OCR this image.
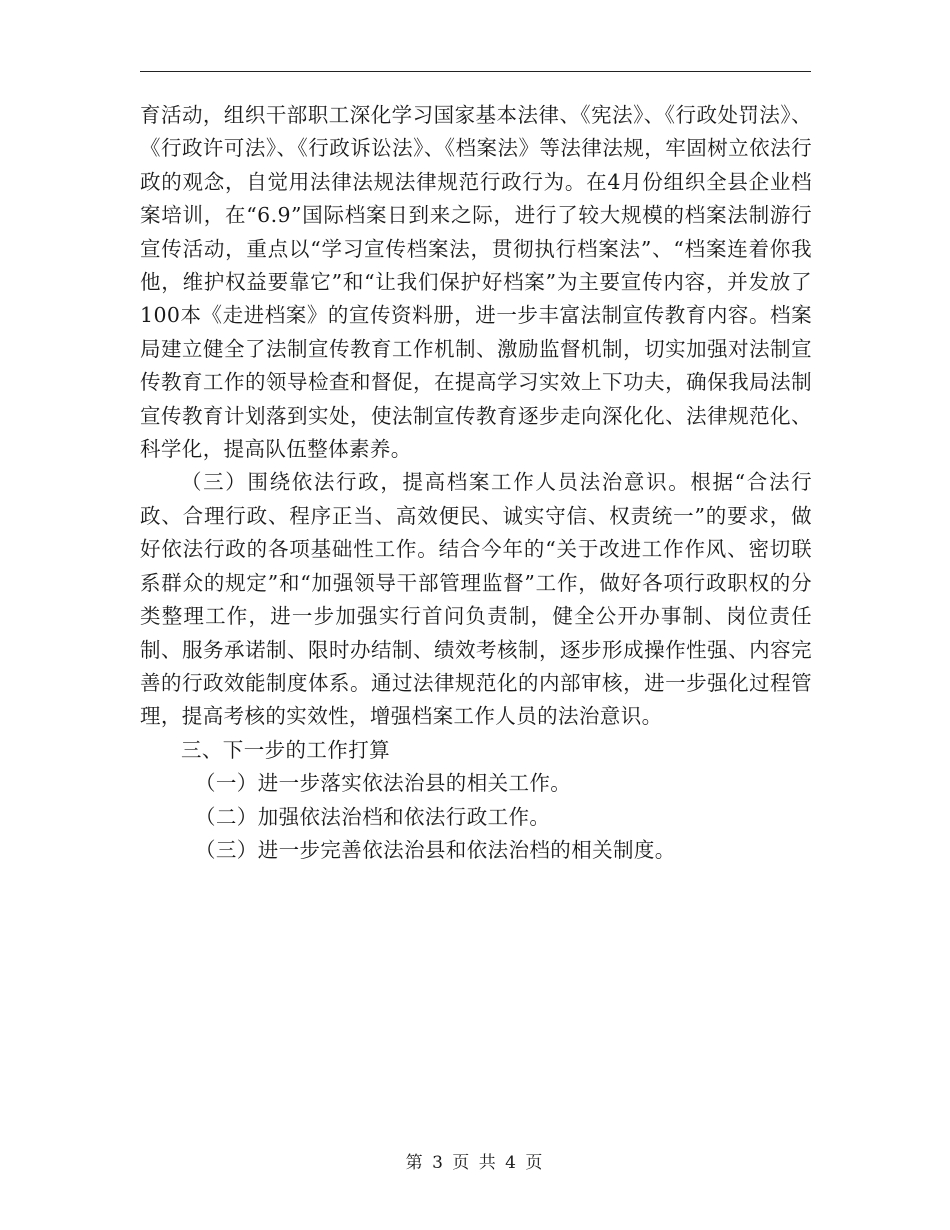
育活动，组织干部职工深化学习国家基本法律、《宪法》、《行政处罚法》、《行政许可法》、《行政诉讼法》、《档案法》等法律法规，牢固树立依法行政的观念，自觉用法律法规法律规范行政行为。在4月份组织全县企业档案培训，在“6.9”国际档案日到来之际，进行了较大规模的档案法制游行宣传活动，重点以“学习宣传档案法，贯彻执行档案法”、“档案连着你我他，维护权益要靠它”和“让我们保护好档案”为主要宣传内容，并发放了100本《走进档案》的宣传资料册，进一步丰富法制宣传教育内容。档案局建立健全了法制宣传教育工作机制、激励监督机制，切实加强对法制宣传教育工作的领导检查和督促，在提高学习实效上下功夫，确保我局法制宣传教育计划落到实处，使法制宣传教育逐步走向深化化、法律规范化、科学化，提高队伍整体素养。

（三）围绕依法行政，提高档案工作人员法治意识。根据“合法行政、合理行政、程序正当、高效便民、诚实守信、权责统一”的要求，做好依法行政的各项基础性工作。结合今年的“关于改进工作作风、密切联系群众的规定”和“加强领导干部管理监督”工作，做好各项行政职权的分类整理工作，进一步加强实行首问负责制，健全公开办事制、岗位责任制、服务承诺制、限时办结制、绩效考核制，逐步形成操作性强、内容完善的行政效能制度体系。通过法律规范化的内部审核，进一步强化过程管理，提高考核的实效性，增强档案工作人员的法治意识。

三、下一步的工作打算

（一）进一步落实依法治县的相关工作。

（二）加强依法治档和依法行政工作。

（三）进一步完善依法治县和依法治档的相关制度。

第 3 页 共 4 页
